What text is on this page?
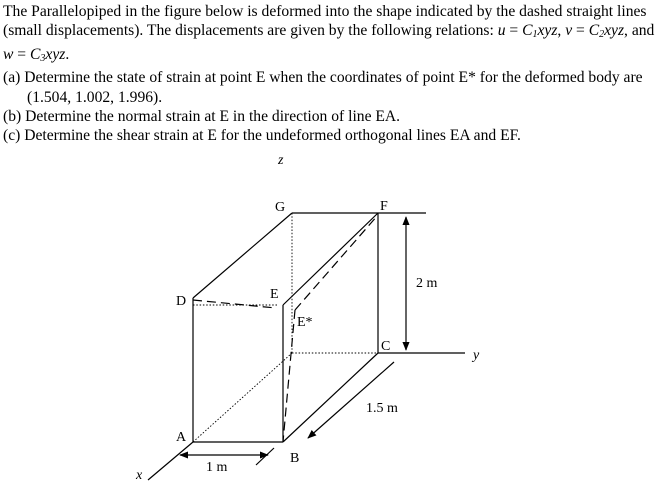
The Parallelopiped in the figure below is deformed into the shape indicated by the dashed straight lines (small displacements). The displacements are given by the following relations: $u = C_1xyz$, $v = C_2xyz$, and $w = C_3xyz$.

(a) Determine the state of strain at point E when the coordinates of point E* for the deformed body are (1.504, 1.002, 1.996).

(b) Determine the normal strain at E in the direction of line EA.

(c) Determine the shear strain at E for the undeformed orthogonal lines EA and EF.

z
G	F
D	E
E*
C
A
B
2 m
1.5 m
1 m
y
x
